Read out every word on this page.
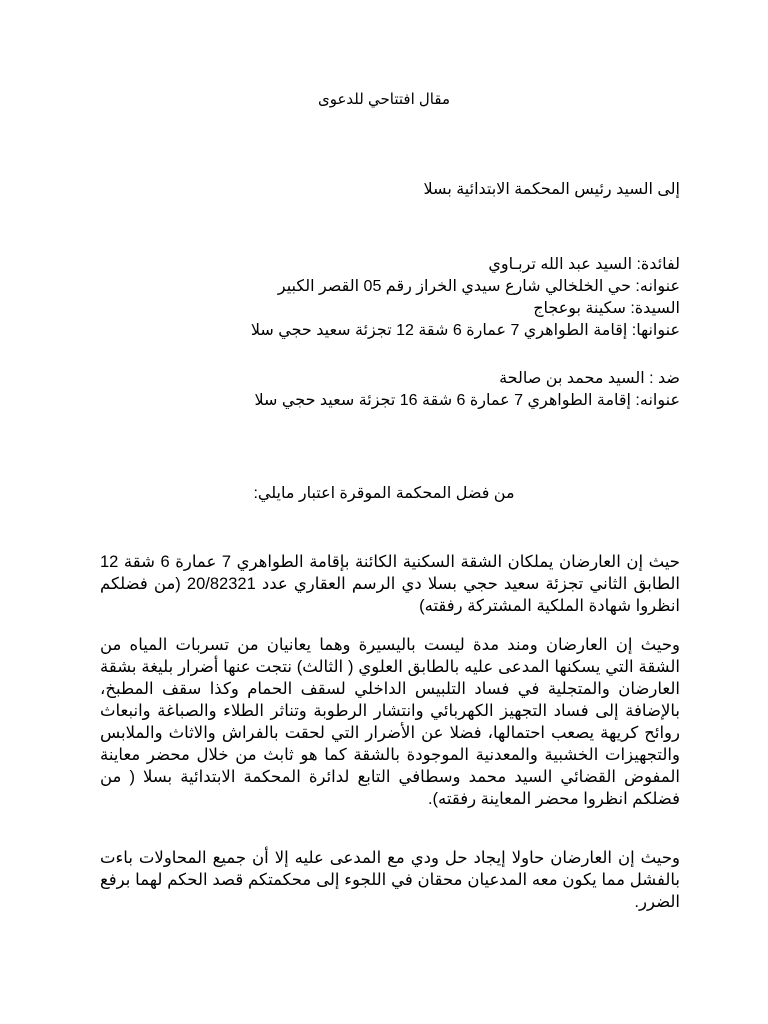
مقال افتتاحي للدعوى
إلى السيد رئيس المحكمة الابتدائية بسلا
لفائدة: السيد عبد الله تربـاوي
عنوانه: حي الخلخالي شارع سيدي الخراز رقم 05 القصر الكبير
السيدة: سكينة بوعجاج
عنوانها: إقامة الطواهري 7 عمارة 6 شقة 12 تجزئة سعيد حجي سلا
ضد : السيد محمد بن صالحة
عنوانه: إقامة الطواهري 7 عمارة 6 شقة 16 تجزئة سعيد حجي سلا
من فضل المحكمة الموقرة اعتبار مايلي:
حيث إن العارضان يملكان الشقة السكنية الكائنة بإقامة الطواهري 7 عمارة 6 شقة 12 الطابق الثاني تجزئة سعيد حجي بسلا دي الرسم العقاري عدد 20/82321 (من فضلكم انظروا شهادة الملكية المشتركة رفقته)
وحيث إن العارضان ومند مدة ليست باليسيرة وهما يعانيان من تسربات المياه من الشقة التي يسكنها المدعى عليه بالطابق العلوي ( الثالث) نتجت عنها أضرار بليغة بشقة العارضان والمتجلية في فساد التلبيس الداخلي لسقف الحمام وكذا سقف المطبخ، بالإضافة إلى فساد التجهيز الكهربائي وانتشار الرطوبة وتناثر الطلاء والصباغة وانبعاث روائح كريهة يصعب احتمالها، فضلا عن الأضرار التي لحقت بالفراش والاثاث والملابس والتجهيزات الخشبية والمعدنية الموجودة بالشقة كما هو ثابث من خلال محضر معاينة المفوض القضائي السيد محمد وسطافي التابع لدائرة المحكمة الابتدائية بسلا ( من فضلكم انظروا محضر المعاينة رفقته).
وحيث إن العارضان حاولا إيجاد حل ودي مع المدعى عليه إلا أن جميع المحاولات باءت بالفشل مما يكون معه المدعيان محقان في اللجوء إلى محكمتكم قصد الحكم لهما برفع الضرر.
